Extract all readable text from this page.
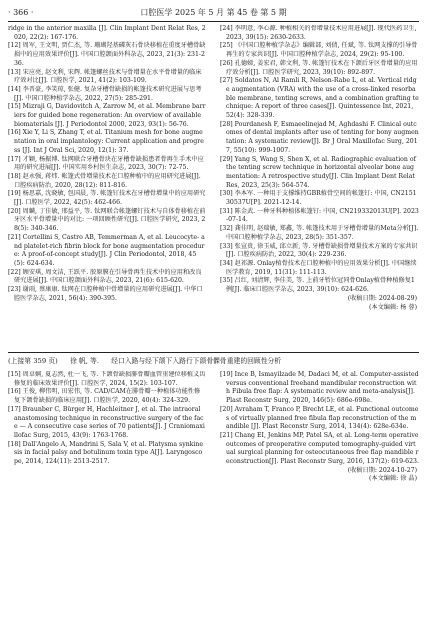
· 366 ·	口腔医学 2025 年 5 月 第 45 卷 第 5 期

ridge in the anterior maxilla [J]. Clin Implant Dent Relat Res, 2020, 22(2): 167-176.

[12] 周军, 王文明, 贾仁杰, 等. 珊瑚羟基磷灰石骨块移植在重度牙槽骨缺损中的应用效果评价[J]. 中国口腔颌面外科杂志, 2023, 21(3): 231-236.

[13] 宋应亮, 赵文利, 宋辉. 帐篷螺丝技术与骨增量在水平骨增量的临床疗效对比[J]. 口腔医学, 2021, 41(2): 103-109.

[14] 李晋豪, 李笑琼, 张健. 复杂牙槽骨缺损的帐篷技术研究进展与思考[J]. 中国口腔种植学杂志, 2022, 27(5): 285-291.

[15] Mizraji G, Davidovitch A, Zarrow M, et al. Membrane barriers for guided bone regeneration: An overview of available biomaterials [J]. J Periodontol 2000, 2023, 93(1): 56-76.

[16] Xie Y, Li S, Zhang T, et al. Titanium mesh for bone augmentation in oral implantology: Current application and progress [J]. Int J Oral Sci, 2020, 12(1): 37.

[17] 才颖, 杨振博. 钛网联合牙槽骨块在牙槽骨缺损患者骨再生手术中应用的研究进展[J]. 中国实用乡村医生杂志, 2023, 30(7): 72-75.

[18] 赵永强, 蒋炜. 帐篷式骨增量技术在口腔种植中的应用研究进展[J]. 口腔疾病防治, 2020, 28(12): 811-816.

[19] 杨思嘉, 沈晓敏, 包国晨, 等. 帐篷钉技术在牙槽骨增量中的应用研究[J]. 口腔医学, 2022, 42(5): 462-466.

[20] 周麟, 丁佳敏, 邢益平, 等. 钛网联合帐篷螺钉技术与自体骨移植在前牙区水平骨增量中的对比: 一项回顾性研究[J]. 口腔医学研究, 2023, 28(5): 340-346.

[21] Cortellini S, Castro AB, Temmerman A, et al. Leucocyte- and platelet-rich fibrin block for bone augmentation procedure: A proof-of-concept study[J]. J Clin Periodontol, 2018, 45(5): 624-634.

[22] 顾安琪, 周文洁, 王跃平. 胶原膜在引导骨再生技术中的应用和改良研究进展[J]. 中国口腔颌面外科杂志, 2023, 21(6): 615-620.

[23] 谢雨, 蔡康康. 钛网在口腔种植中骨增量的应用研究进展[J]. 中华口腔医学杂志, 2021, 56(4): 390-395.

[24] 李明意, 李心源. 种植相关的骨增量技术应用进展[J]. 现代医药卫生, 2023, 39(15): 2630-2633.

[25] 《中国口腔种植学杂志》编辑部, 刘倩, 任斌, 等. 钛网支撑的引导骨再生的专家共识[J]. 中国口腔种植学杂志, 2024, 29(2): 95-100.

[26] 孔德娣, 姜宏君, 韩文利, 等. 帐篷钉技术在下颌后牙区骨增量的应用疗效分析[J]. 口腔医学研究, 2023, 39(10): 892-897.

[27] Soldatos N, Al Ramli R, Nelson-Rabe L, et al. Vertical ridge augmentation (VRA) with the use of a cross-linked resorbable membrane, tenting screws, and a combination grafting technique: A report of three cases[J]. Quintessence Int, 2021, 52(4): 328-339.

[28] Pourdanesh F, Esmaeelinejad M, Aghdashi F. Clinical outcomes of dental implants after use of tenting for bony augmentation: A systematic review[J]. Br J Oral Maxillofac Surg, 2017, 55(10): 999-1007.

[29] Yang S, Wang S, Shen X, et al. Radiographic evaluation of the tenting screw technique in horizontal alveolar bone augmentation: A retrospective study[J]. Clin Implant Dent Relat Res, 2023, 25(3): 564-574.

[30] 李本军. 一种用于支撑维持GBR植骨空间的帐篷钉: 中国, CN215130537U[P]. 2021-12-14.

[31] 陈金武. 一种牙科种植体帐篷钉: 中国, CN219332013U[P]. 2023-07-14.

[32] 龚佳明, 赵瑞敏, 郑鑫, 等. 帐篷技术用于牙槽骨增量的Meta分析[J]. 中国口腔种植学杂志, 2023, 28(5): 351-357.

[33] 张宣贵, 徐玉威, 邱立新, 等. 牙槽骨缺损骨增量技术方案的专家共识[J]. 口腔疾病防治, 2022, 30(4): 229-236.

[34] 赵祁源. Onlay植骨技术在口腔种植中的应用效果分析[J]. 中国继续医学教育, 2019, 11(31): 111-113.

[35] 吕红, 刘清辉, 李佳美, 等. 上前牙暂位冠同骨Onlay植骨种植修复1例[J]. 临床口腔医学杂志, 2023, 39(10): 624-626.

(收稿日期: 2024-08-29)

(本文编辑: 杨 蓉)

(上接第 359 页) 徐 帆, 等. 经口入路与经下颌下入路行下颌骨髁骨重建的回顾性分析

[15] 周卓娴, 夏志然, 杜一飞, 等. 下颌骨缺损腓骨瓣血管重建位移植义齿修复的临床效果评价[J]. 口腔医学, 2024, 15(2): 103-107.

[16] 王俊, 柳伟明, 田宏伟, 等. CAD/CAM在腓骨瓣一种植体功能性修复下颌骨缺损的临床应用[J]. 口腔医学, 2020, 40(4): 324-329.

[17] Braunber C, Bürger H, Hachleitner J, et al. The intraoral anastomosing technique in reconstructive surgery of the face — A consecutive case series of 70 patients[J]. J Craniomaxillofac Surg, 2015, 43(9): 1763-1768.

[18] Dall'Angelo A, Mandrini S, Sala V, et al. Platysma synkinesis in facial palsy and botulinum toxin type A[J]. Laryngoscope, 2014, 124(11): 2513-2517.

[19] Ince B, Ismayilzade M, Dadaci M, et al. Computer-assisted versus conventional freehand mandibular reconstruction with Fibula free flap: A systematic review and meta-analysis[J]. Plast Reconstr Surg, 2020, 146(5): 686e-698e.

[20] Avraham T, Franco P, Brecht LE, et al. Functional outcomes of virtually planned free fibula flap reconstruction of the mandible [J]. Plast Reconstr Surg, 2014, 134(4): 628e-634e.

[21] Chang EI, Jenkins MP, Patel SA, et al. Long-term operative outcomes of preoperative computed tomography-guided virtual surgical planning for osteocutaneous free flap mandible reconstruction[J]. Plast Reconstr Surg, 2016, 137(2): 619-623.

(收稿日期: 2024-10-27)

(本文编辑: 徐 晶)
